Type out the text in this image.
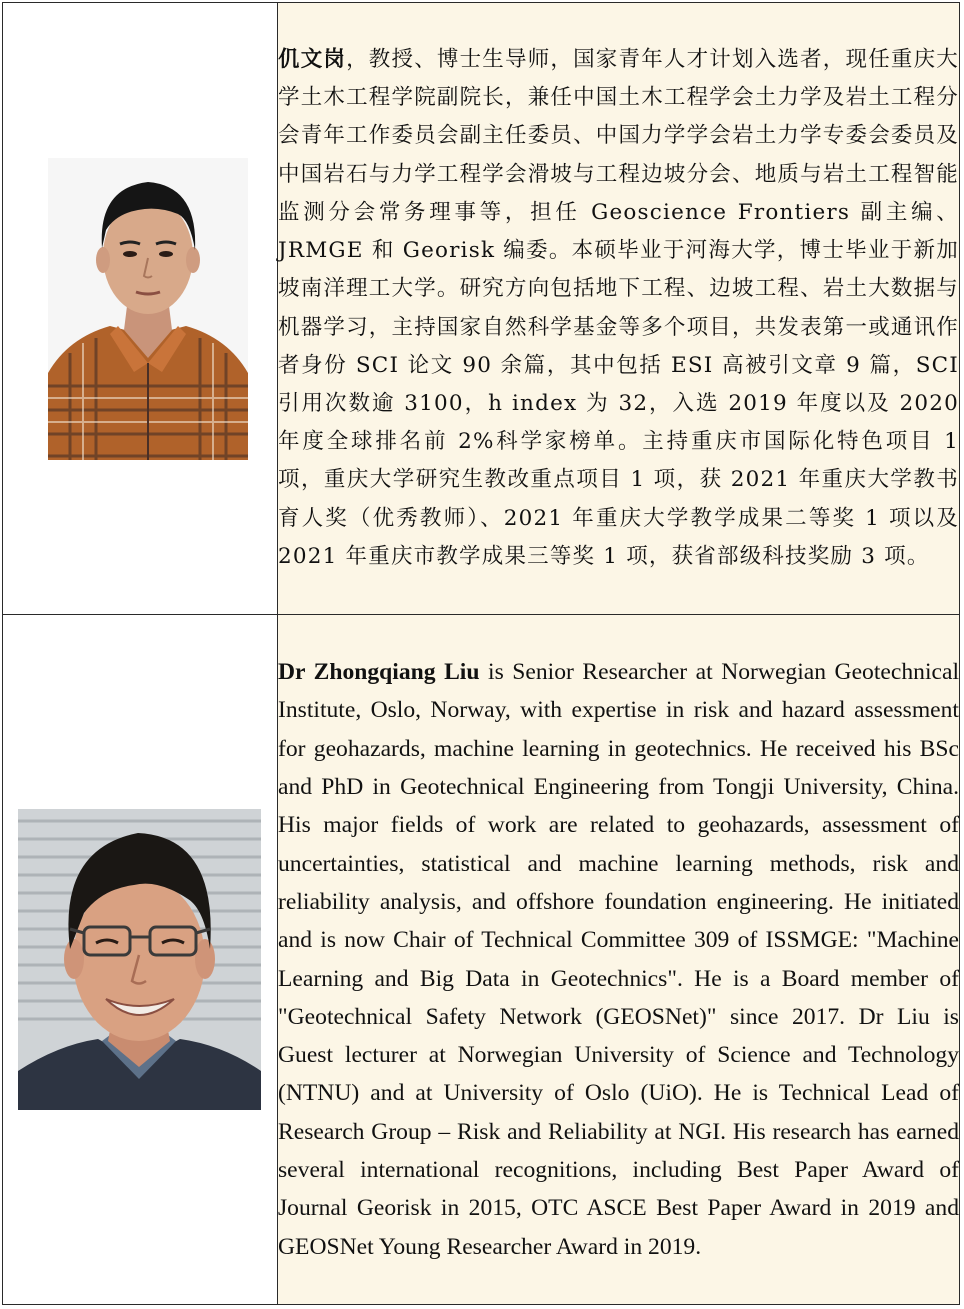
仉文岗，教授、博士生导师，国家青年人才计划入选者，现任重庆大学土木工程学院副院长，兼任中国土木工程学会土力学及岩土工程分会青年工作委员会副主任委员、中国力学学会岩土力学专委会委员及中国岩石与力学工程学会滑坡与工程边坡分会、地质与岩土工程智能监测分会常务理事等，担任 Geoscience Frontiers 副主编、JRMGE 和 Georisk 编委。本硕毕业于河海大学，博士毕业于新加坡南洋理工大学。研究方向包括地下工程、边坡工程、岩土大数据与机器学习，主持国家自然科学基金等多个项目，共发表第一或通讯作者身份 SCI 论文 90 余篇，其中包括 ESI 高被引文章 9 篇，SCI 引用次数逾 3100，h index 为 32，入选 2019 年度以及 2020 年度全球排名前 2%科学家榜单。主持重庆市国际化特色项目 1 项，重庆大学研究生教改重点项目 1 项，获 2021 年重庆大学教书育人奖（优秀教师）、2021 年重庆大学教学成果二等奖 1 项以及 2021 年重庆市教学成果三等奖 1 项，获省部级科技奖励 3 项。

Dr Zhongqiang Liu is Senior Researcher at Norwegian Geotechnical Institute, Oslo, Norway, with expertise in risk and hazard assessment for geohazards, machine learning in geotechnics. He received his BSc and PhD in Geotechnical Engineering from Tongji University, China. His major fields of work are related to geohazards, assessment of uncertainties, statistical and machine learning methods, risk and reliability analysis, and offshore foundation engineering. He initiated and is now Chair of Technical Committee 309 of ISSMGE: "Machine Learning and Big Data in Geotechnics". He is a Board member of "Geotechnical Safety Network (GEOSNet)" since 2017. Dr Liu is Guest lecturer at Norwegian University of Science and Technology (NTNU) and at University of Oslo (UiO). He is Technical Lead of Research Group – Risk and Reliability at NGI. His research has earned several international recognitions, including Best Paper Award of Journal Georisk in 2015, OTC ASCE Best Paper Award in 2019 and GEOSNet Young Researcher Award in 2019.
